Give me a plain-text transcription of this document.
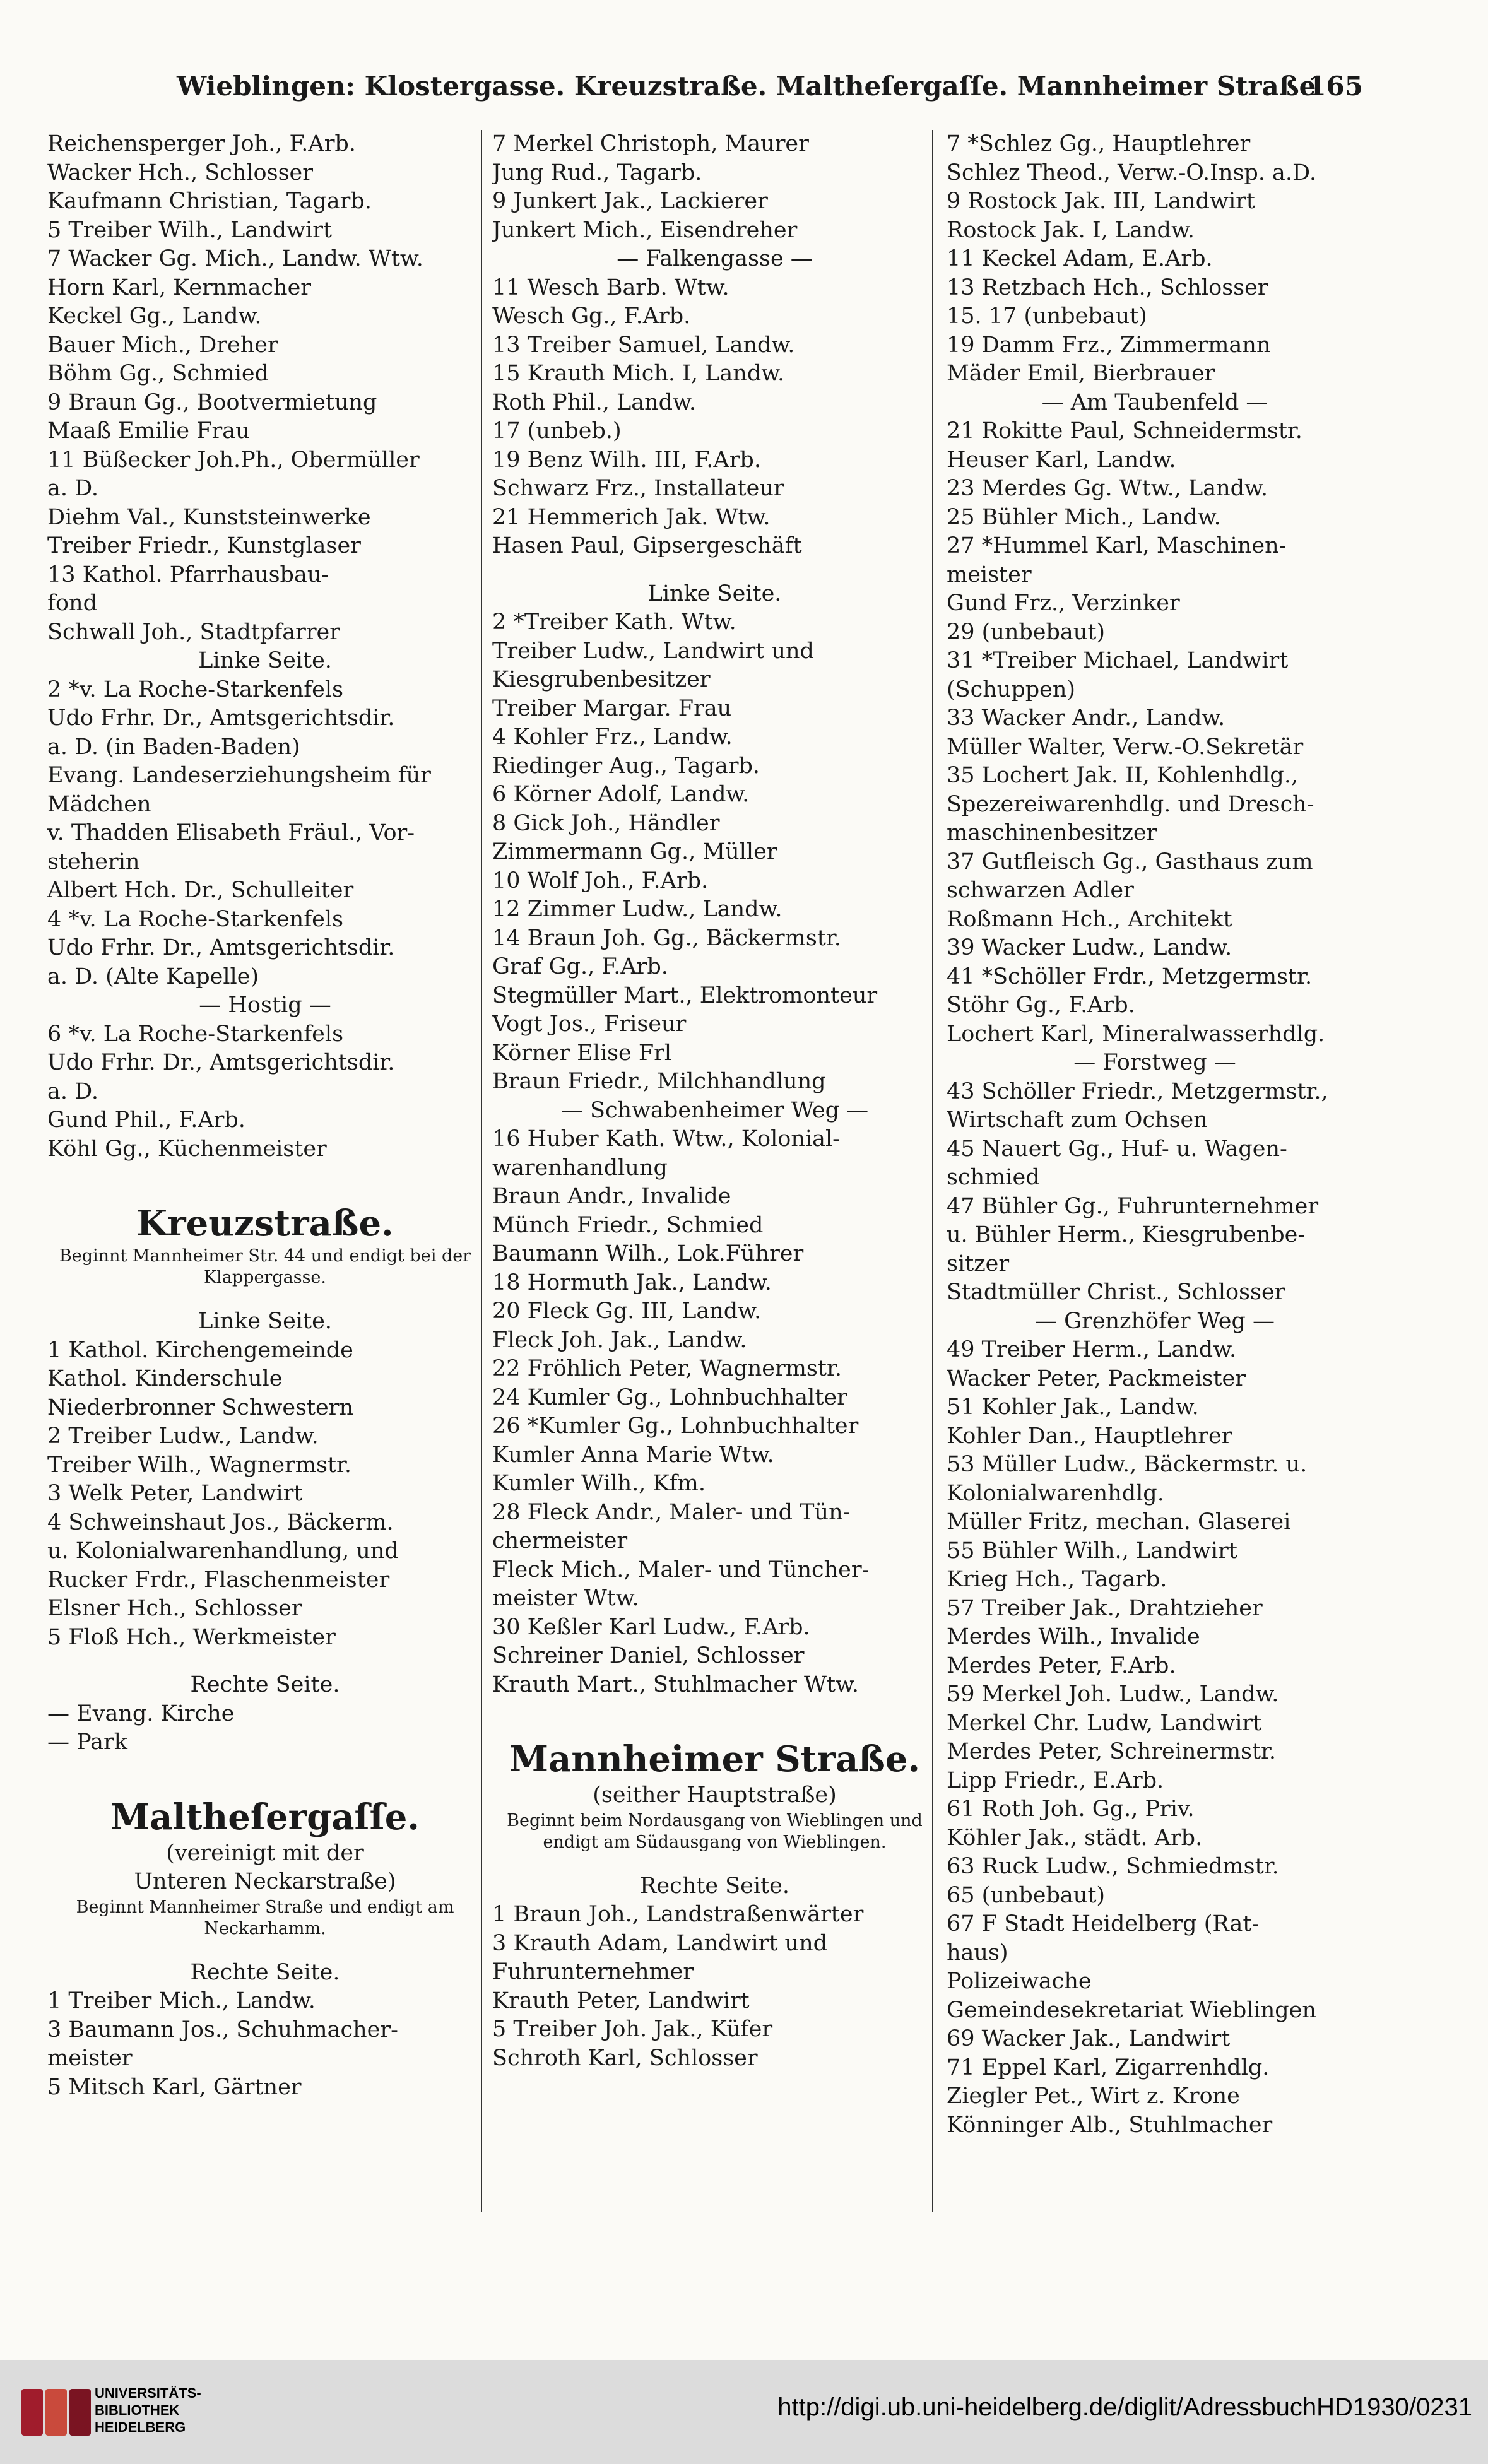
Wieblingen: Klostergasse. Kreuzstraße. Maltheſergaſſe. Mannheimer Straße
165
Reichensperger Joh., F.Arb.
Wacker Hch., Schlosser
Kaufmann Christian, Tagarb.
5 Treiber Wilh., Landwirt
7 Wacker Gg. Mich., Landw. Wtw.
Horn Karl, Kernmacher
Keckel Gg., Landw.
Bauer Mich., Dreher
Böhm Gg., Schmied
9 Braun Gg., Bootvermietung
Maaß Emilie Frau
11 Büßecker Joh.Ph., Obermüller
a. D.
Diehm Val., Kunststeinwerke
Treiber Friedr., Kunstglaser
13 Kathol. Pfarrhausbau-
fond
Schwall Joh., Stadtpfarrer
Linke Seite.
2 *v. La Roche-Starkenfels
Udo Frhr. Dr., Amtsgerichtsdir.
a. D. (in Baden-Baden)
Evang. Landeserziehungsheim für
Mädchen
v. Thadden Elisabeth Fräul., Vor-
steherin
Albert Hch. Dr., Schulleiter
4 *v. La Roche-Starkenfels
Udo Frhr. Dr., Amtsgerichtsdir.
a. D. (Alte Kapelle)
— Hostig —
6 *v. La Roche-Starkenfels
Udo Frhr. Dr., Amtsgerichtsdir.
a. D.
Gund Phil., F.Arb.
Köhl Gg., Küchenmeister
Kreuzstraße.
Beginnt Mannheimer Str. 44 und endigt bei der Klappergasse.
Linke Seite.
1 Kathol. Kirchengemeinde
Kathol. Kinderschule
Niederbronner Schwestern
2 Treiber Ludw., Landw.
Treiber Wilh., Wagnermstr.
3 Welk Peter, Landwirt
4 Schweinshaut Jos., Bäckerm.
u. Kolonialwarenhandlung, und
Rucker Frdr., Flaschenmeister
Elsner Hch., Schlosser
5 Floß Hch., Werkmeister
Rechte Seite.
— Evang. Kirche
— Park
Maltheſergaſſe.
(vereinigt mit der
Unteren Neckarstraße)
Beginnt Mannheimer Straße und endigt am Neckarhamm.
Rechte Seite.
1 Treiber Mich., Landw.
3 Baumann Jos., Schuhmacher-
meister
5 Mitsch Karl, Gärtner
7 Merkel Christoph, Maurer
Jung Rud., Tagarb.
9 Junkert Jak., Lackierer
Junkert Mich., Eisendreher
— Falkengasse —
11 Wesch Barb. Wtw.
Wesch Gg., F.Arb.
13 Treiber Samuel, Landw.
15 Krauth Mich. I, Landw.
Roth Phil., Landw.
17 (unbeb.)
19 Benz Wilh. III, F.Arb.
Schwarz Frz., Installateur
21 Hemmerich Jak. Wtw.
Hasen Paul, Gipsergeschäft
Linke Seite.
2 *Treiber Kath. Wtw.
Treiber Ludw., Landwirt und
Kiesgrubenbesitzer
Treiber Margar. Frau
4 Kohler Frz., Landw.
Riedinger Aug., Tagarb.
6 Körner Adolf, Landw.
8 Gick Joh., Händler
Zimmermann Gg., Müller
10 Wolf Joh., F.Arb.
12 Zimmer Ludw., Landw.
14 Braun Joh. Gg., Bäckermstr.
Graf Gg., F.Arb.
Stegmüller Mart., Elektromonteur
Vogt Jos., Friseur
Körner Elise Frl
Braun Friedr., Milchhandlung
— Schwabenheimer Weg —
16 Huber Kath. Wtw., Kolonial-
warenhandlung
Braun Andr., Invalide
Münch Friedr., Schmied
Baumann Wilh., Lok.Führer
18 Hormuth Jak., Landw.
20 Fleck Gg. III, Landw.
Fleck Joh. Jak., Landw.
22 Fröhlich Peter, Wagnermstr.
24 Kumler Gg., Lohnbuchhalter
26 *Kumler Gg., Lohnbuchhalter
Kumler Anna Marie Wtw.
Kumler Wilh., Kfm.
28 Fleck Andr., Maler- und Tün-
chermeister
Fleck Mich., Maler- und Tüncher-
meister Wtw.
30 Keßler Karl Ludw., F.Arb.
Schreiner Daniel, Schlosser
Krauth Mart., Stuhlmacher Wtw.
Mannheimer Straße.
(seither Hauptstraße)
Beginnt beim Nordausgang von Wieblingen und endigt am Südausgang von Wieblingen.
Rechte Seite.
1 Braun Joh., Landstraßenwärter
3 Krauth Adam, Landwirt und
Fuhrunternehmer
Krauth Peter, Landwirt
5 Treiber Joh. Jak., Küfer
Schroth Karl, Schlosser
7 *Schlez Gg., Hauptlehrer
Schlez Theod., Verw.-O.Insp. a.D.
9 Rostock Jak. III, Landwirt
Rostock Jak. I, Landw.
11 Keckel Adam, E.Arb.
13 Retzbach Hch., Schlosser
15. 17 (unbebaut)
19 Damm Frz., Zimmermann
Mäder Emil, Bierbrauer
— Am Taubenfeld —
21 Rokitte Paul, Schneidermstr.
Heuser Karl, Landw.
23 Merdes Gg. Wtw., Landw.
25 Bühler Mich., Landw.
27 *Hummel Karl, Maschinen-
meister
Gund Frz., Verzinker
29 (unbebaut)
31 *Treiber Michael, Landwirt
(Schuppen)
33 Wacker Andr., Landw.
Müller Walter, Verw.-O.Sekretär
35 Lochert Jak. II, Kohlenhdlg.,
Spezereiwarenhdlg. und Dresch-
maschinenbesitzer
37 Gutfleisch Gg., Gasthaus zum
schwarzen Adler
Roßmann Hch., Architekt
39 Wacker Ludw., Landw.
41 *Schöller Frdr., Metzgermstr.
Stöhr Gg., F.Arb.
Lochert Karl, Mineralwasserhdlg.
— Forstweg —
43 Schöller Friedr., Metzgermstr.,
Wirtschaft zum Ochsen
45 Nauert Gg., Huf- u. Wagen-
schmied
47 Bühler Gg., Fuhrunternehmer
u. Bühler Herm., Kiesgrubenbe-
sitzer
Stadtmüller Christ., Schlosser
— Grenzhöfer Weg —
49 Treiber Herm., Landw.
Wacker Peter, Packmeister
51 Kohler Jak., Landw.
Kohler Dan., Hauptlehrer
53 Müller Ludw., Bäckermstr. u.
Kolonialwarenhdlg.
Müller Fritz, mechan. Glaserei
55 Bühler Wilh., Landwirt
Krieg Hch., Tagarb.
57 Treiber Jak., Drahtzieher
Merdes Wilh., Invalide
Merdes Peter, F.Arb.
59 Merkel Joh. Ludw., Landw.
Merkel Chr. Ludw, Landwirt
Merdes Peter, Schreinermstr.
Lipp Friedr., E.Arb.
61 Roth Joh. Gg., Priv.
Köhler Jak., städt. Arb.
63 Ruck Ludw., Schmiedmstr.
65 (unbebaut)
67 F Stadt Heidelberg (Rat-
haus)
Polizeiwache
Gemeindesekretariat Wieblingen
69 Wacker Jak., Landwirt
71 Eppel Karl, Zigarrenhdlg.
Ziegler Pet., Wirt z. Krone
Könninger Alb., Stuhlmacher
UNIVERSITÄTS-
BIBLIOTHEK
HEIDELBERG
http://digi.ub.uni-heidelberg.de/diglit/AdressbuchHD1930/0231
